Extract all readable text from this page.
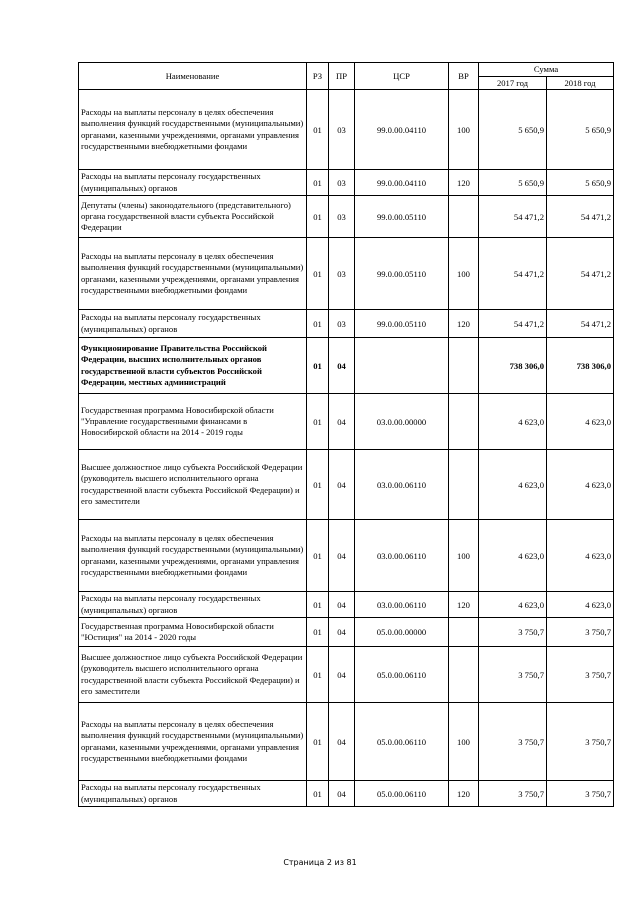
Наименование	РЗ	ПР	ЦСР	ВР	Сумма	
					2017 год	2018 год
Расходы на выплаты персоналу в целях обеспечения выполнения функций государственными (муниципальными) органами, казенными учреждениями, органами управления государственными внебюджетными фондами	01	03	99.0.00.04110	100	5 650,9	5 650,9
Расходы на выплаты персоналу государственных (муниципальных) органов	01	03	99.0.00.04110	120	5 650,9	5 650,9
Депутаты (члены) законодательного (представительного) органа государственной власти субъекта Российской Федерации	01	03	99.0.00.05110		54 471,2	54 471,2
Расходы на выплаты персоналу в целях обеспечения выполнения функций государственными (муниципальными) органами, казенными учреждениями, органами управления государственными внебюджетными фондами	01	03	99.0.00.05110	100	54 471,2	54 471,2
Расходы на выплаты персоналу государственных (муниципальных) органов	01	03	99.0.00.05110	120	54 471,2	54 471,2
Функционирование Правительства Российской Федерации, высших исполнительных органов государственной власти субъектов Российской Федерации, местных администраций	01	04			738 306,0	738 306,0
Государственная программа Новосибирской области "Управление государственными финансами в Новосибирской области на 2014 - 2019 годы	01	04	03.0.00.00000		4 623,0	4 623,0
Высшее должностное лицо субъекта Российской Федерации (руководитель высшего исполнительного органа государственной власти субъекта Российской Федерации) и его заместители	01	04	03.0.00.06110		4 623,0	4 623,0
Расходы на выплаты персоналу в целях обеспечения выполнения функций государственными (муниципальными) органами, казенными учреждениями, органами управления государственными внебюджетными фондами	01	04	03.0.00.06110	100	4 623,0	4 623,0
Расходы на выплаты персоналу государственных (муниципальных) органов	01	04	03.0.00.06110	120	4 623,0	4 623,0
Государственная программа Новосибирской области "Юстиция" на 2014 - 2020 годы	01	04	05.0.00.00000		3 750,7	3 750,7
Высшее должностное лицо субъекта Российской Федерации (руководитель высшего исполнительного органа государственной власти субъекта Российской Федерации) и его заместители	01	04	05.0.00.06110		3 750,7	3 750,7
Расходы на выплаты персоналу в целях обеспечения выполнения функций государственными (муниципальными) органами, казенными учреждениями, органами управления государственными внебюджетными фондами	01	04	05.0.00.06110	100	3 750,7	3 750,7
Расходы на выплаты персоналу государственных (муниципальных) органов	01	04	05.0.00.06110	120	3 750,7	3 750,7
Страница 2 из 81
